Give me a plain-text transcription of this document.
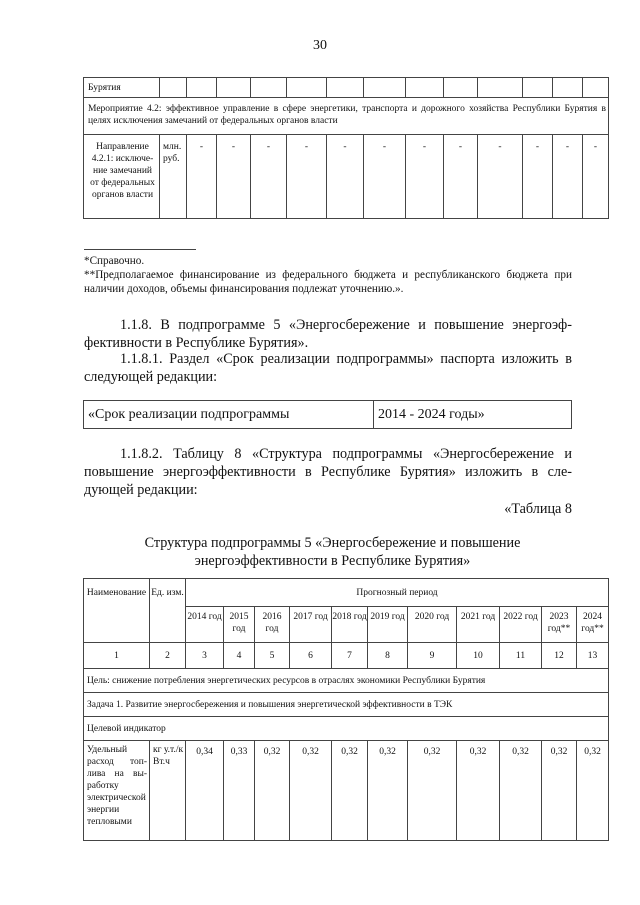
30
Бурятия													
Мероприятие 4.2: эффективное управление в сфере энергетики, транспорта и дорожного хозяйства Республики Бурятия в целях исключения замечаний от федеральных органов власти													
Направление 4.2.1: исключение замечаний от федеральных органов власти	млн. руб.	-	-	-	-	-	-	-	-	-	-	-	-
*Справочно.
**Предполагаемое финансирование из федерального бюджета и республиканского бюджета при наличии доходов, объемы финансирования подлежат уточнению.».
1.1.8. В подпрограмме 5 «Энергосбережение и повышение энергоэффективности в Республике Бурятия».
1.1.8.1. Раздел «Срок реализации подпрограммы» паспорта изложить в следующей редакции:
«Срок реализации подпрограммы	2014 - 2024 годы»
1.1.8.2. Таблицу 8 «Структура подпрограммы «Энергосбережение и повышение энергоэффективности в Республике Бурятия» изложить в следующей редакции:
«Таблица 8
Структура подпрограммы 5 «Энергосбережение и повышение
энергоэффективности в Республике Бурятия»
Наименование	Ед. изм.	Прогнозный период										
		2014 год	2015 год	2016 год	2017 год	2018 год	2019 год	2020 год	2021 год	2022 год	2023 год**	2024 год**
1	2	3	4	5	6	7	8	9	10	11	12	13
Цель: снижение потребления энергетических ресурсов в отраслях экономики Республики Бурятия												
Задача 1. Развитие энергосбережения и повышения энергетической эффективности в ТЭК												
Целевой индикатор												
Удельный расход топлива на выработку электрической энергии тепловыми	кг у.т./к Вт.ч	0,34	0,33	0,32	0,32	0,32	0,32	0,32	0,32	0,32	0,32	0,32
